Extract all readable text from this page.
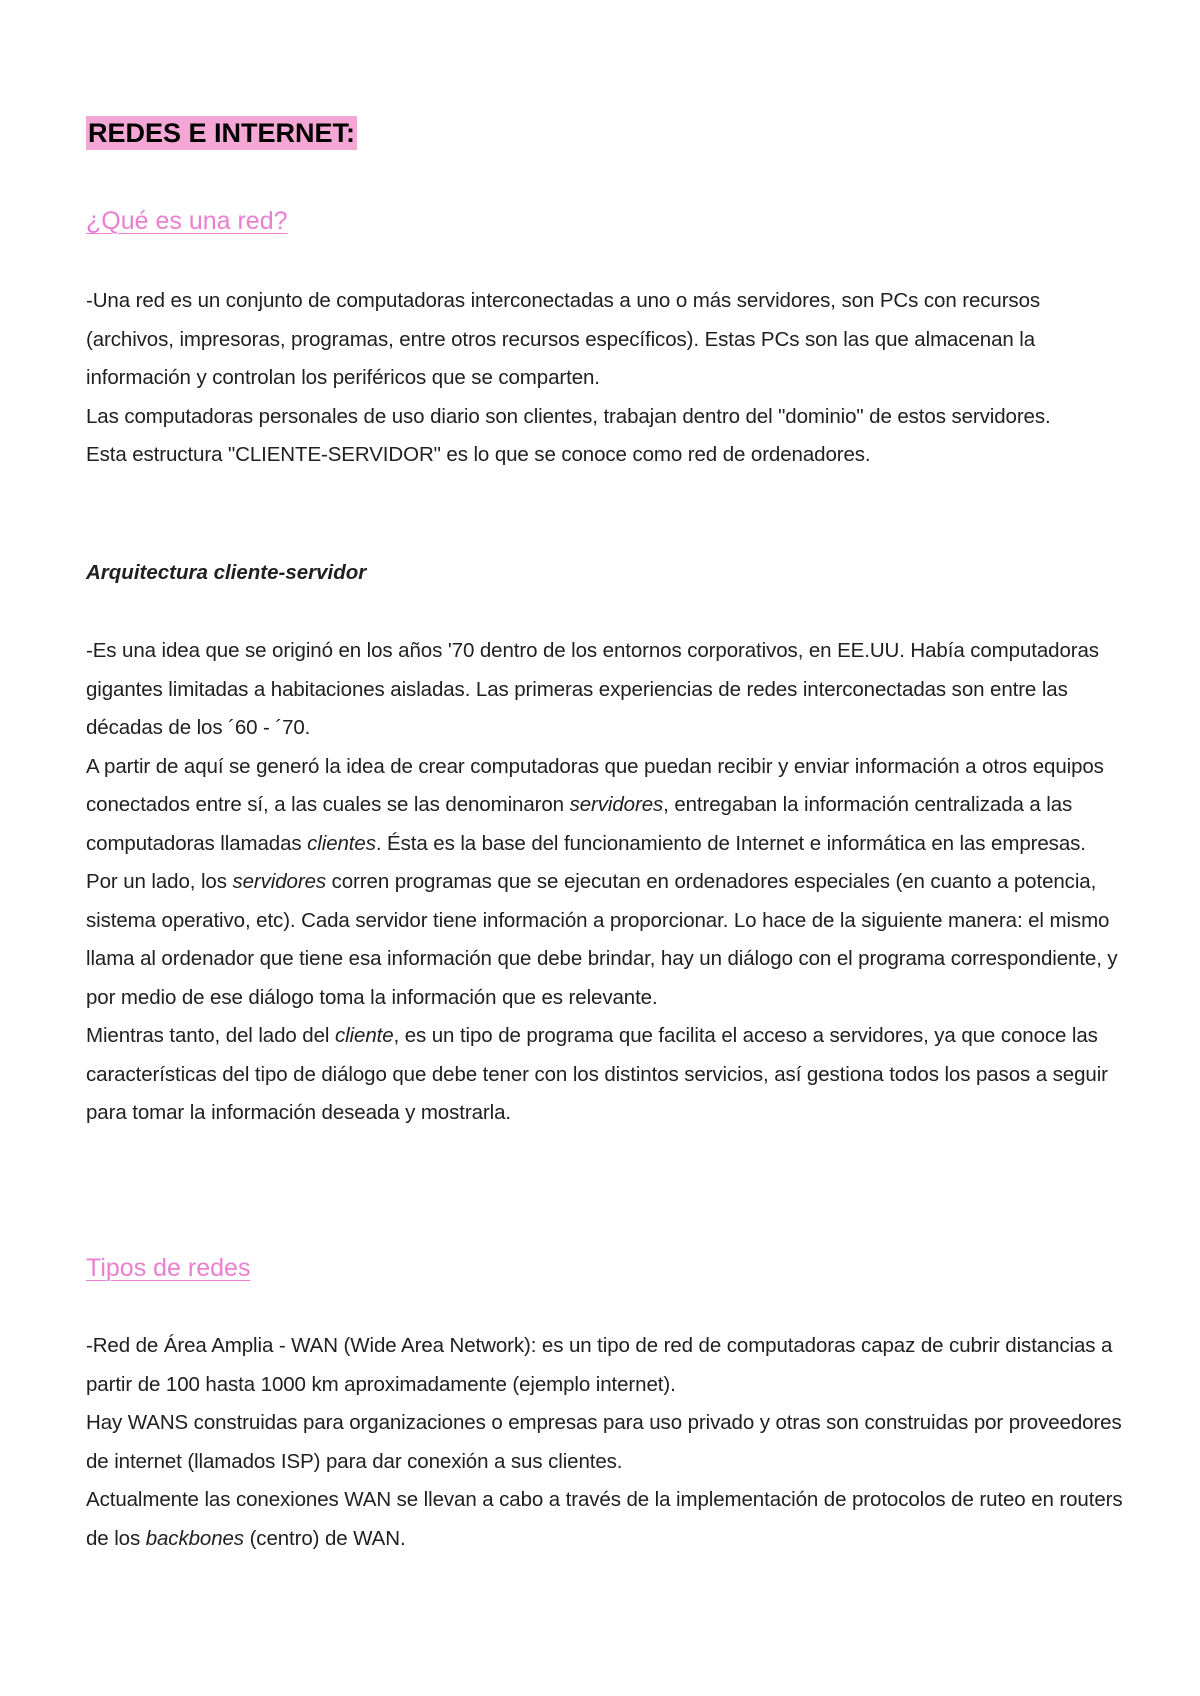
REDES E INTERNET:
¿Qué es una red?

-Una red es un conjunto de computadoras interconectadas a uno o más servidores, son PCs con recursos (archivos, impresoras, programas, entre otros recursos específicos). Estas PCs son las que almacenan la información y controlan los periféricos que se comparten.

Las computadoras personales de uso diario son clientes, trabajan dentro del "dominio" de estos servidores.

Esta estructura "CLIENTE-SERVIDOR" es lo que se conoce como red de ordenadores.

Arquitectura cliente-servidor

-Es una idea que se originó en los años '70 dentro de los entornos corporativos, en EE.UU. Había computadoras gigantes limitadas a habitaciones aisladas. Las primeras experiencias de redes interconectadas son entre las décadas de los ´60 - ´70.

A partir de aquí se generó la idea de crear computadoras que puedan recibir y enviar información a otros equipos conectados entre sí, a las cuales se las denominaron servidores, entregaban la información centralizada a las computadoras llamadas clientes. Ésta es la base del funcionamiento de Internet e informática en las empresas.

Por un lado, los servidores corren programas que se ejecutan en ordenadores especiales (en cuanto a potencia, sistema operativo, etc). Cada servidor tiene información a proporcionar. Lo hace de la siguiente manera: el mismo llama al ordenador que tiene esa información que debe brindar, hay un diálogo con el programa correspondiente, y por medio de ese diálogo toma la información que es relevante.

Mientras tanto, del lado del cliente, es un tipo de programa que facilita el acceso a servidores, ya que conoce las características del tipo de diálogo que debe tener con los distintos servicios, así gestiona todos los pasos a seguir para tomar la información deseada y mostrarla.

Tipos de redes

-Red de Área Amplia - WAN (Wide Area Network): es un tipo de red de computadoras capaz de cubrir distancias a partir de 100 hasta 1000 km aproximadamente (ejemplo internet).

Hay WANS construidas para organizaciones o empresas para uso privado y otras son construidas por proveedores de internet (llamados ISP) para dar conexión a sus clientes.

Actualmente las conexiones WAN se llevan a cabo a través de la implementación de protocolos de ruteo en routers de los backbones (centro) de WAN.
